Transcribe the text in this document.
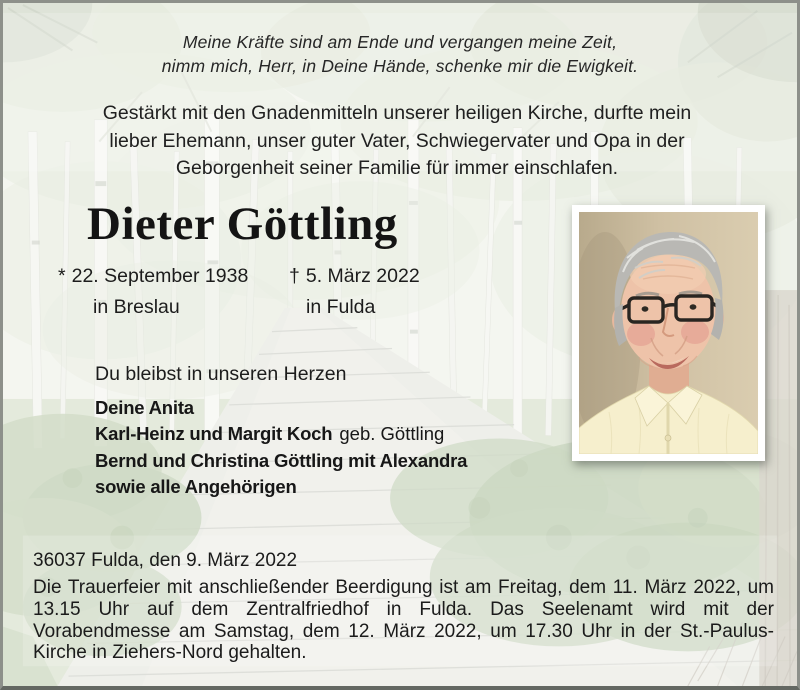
Meine Kräfte sind am Ende und vergangen meine Zeit,
nimm mich, Herr, in Deine Hände, schenke mir die Ewigkeit.
Gestärkt mit den Gnadenmitteln unserer heiligen Kirche, durfte mein
lieber Ehemann, unser guter Vater, Schwiegervater und Opa in der
Geborgenheit seiner Familie für immer einschlafen.
Dieter Göttling
* 22. September 1938
in Breslau
† 5. März 2022
in Fulda
Du bleibst in unseren Herzen
Deine Anita
Karl-Heinz und Margit Koch geb. Göttling
Bernd und Christina Göttling mit Alexandra
sowie alle Angehörigen
36037 Fulda, den 9. März 2022
Die Trauerfeier mit anschließender Beerdigung ist am Freitag, dem 11. März 2022, um 13.15 Uhr auf dem Zentralfriedhof in Fulda. Das Seelenamt wird mit der Vorabendmesse am Samstag, dem 12. März 2022, um 17.30 Uhr in der St.-Paulus-Kirche in Ziehers-Nord gehalten.
